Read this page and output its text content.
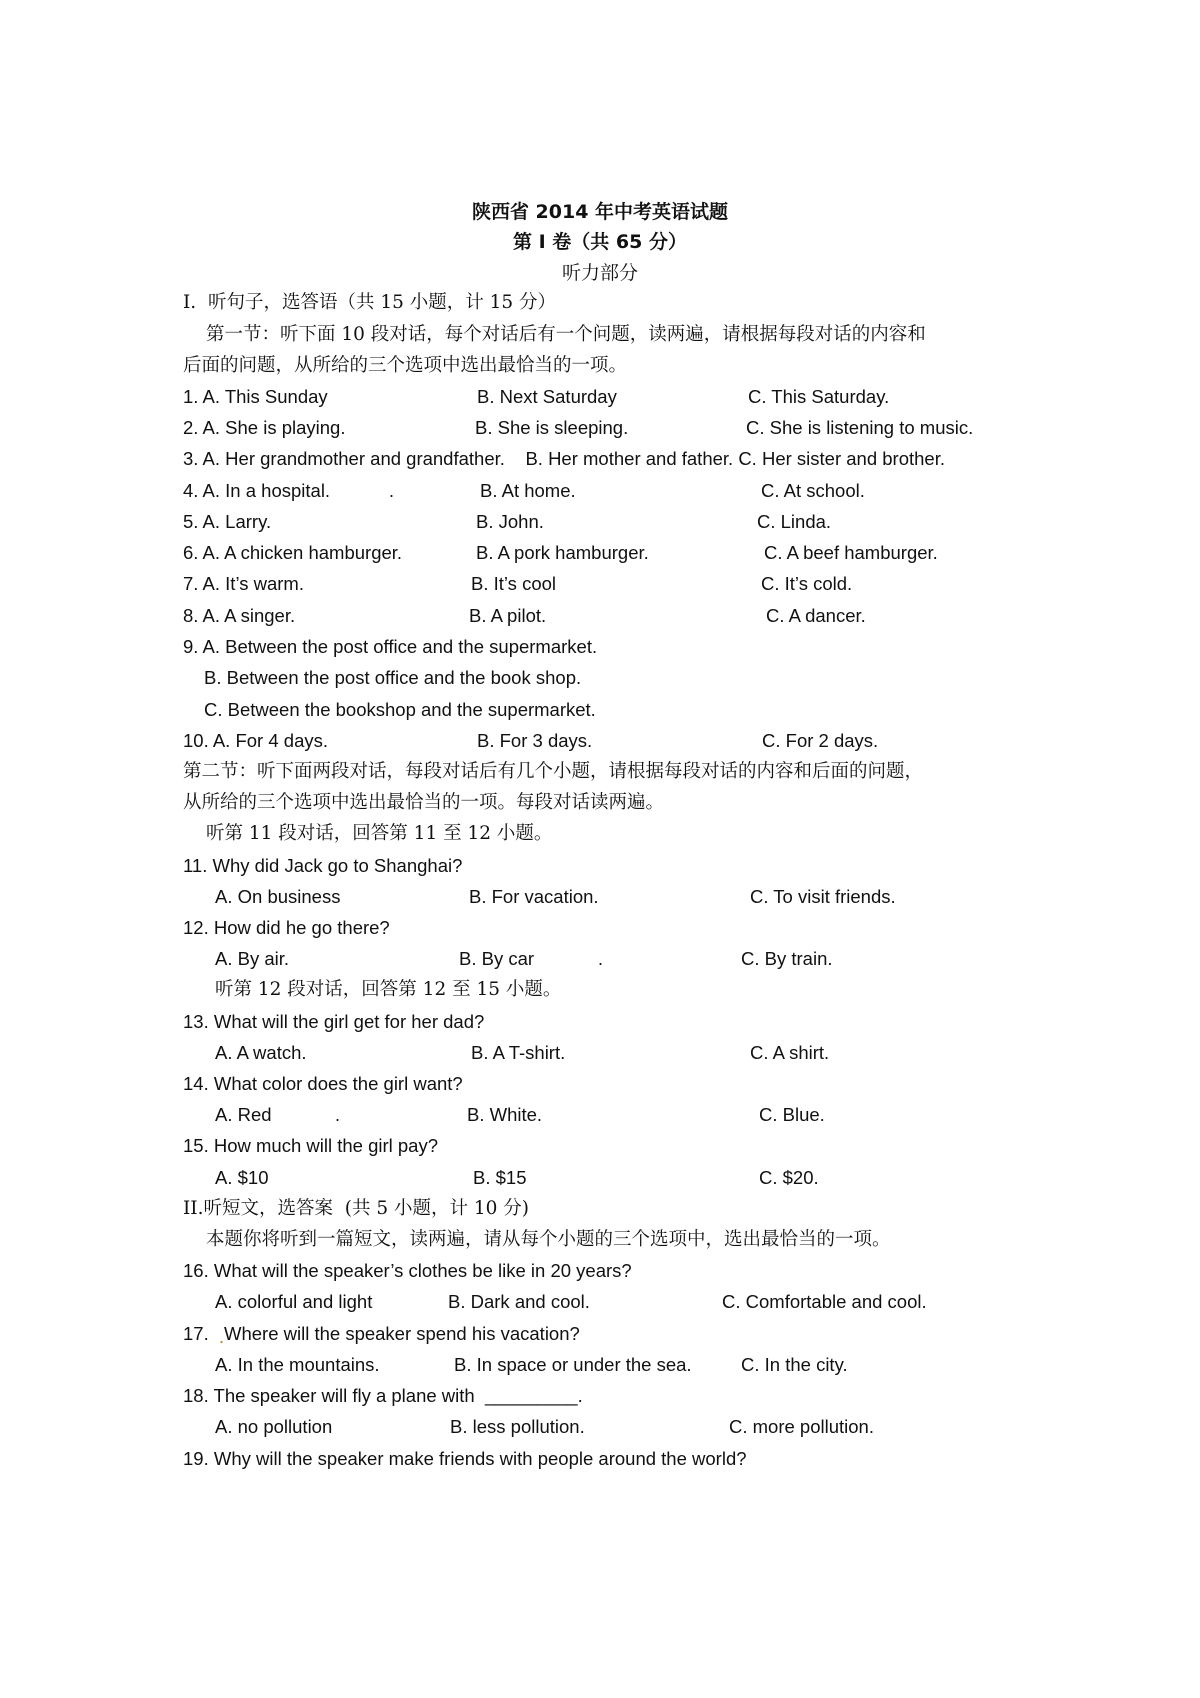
陕西省 2014 年中考英语试题
第 I 卷（共 65 分）
听力部分
I.  听句子，选答语（共 15 小题，计 15 分）
第一节：听下面 10 段对话，每个对话后有一个问题，读两遍，请根据每段对话的内容和
后面的问题，从所给的三个选项中选出最恰当的一项。
1. A. This Sunday	B. Next Saturday	C. This Saturday.
2. A. She is playing.	B. She is sleeping.	C. She is listening to music.
3. A. Her grandmother and grandfather.    B. Her mother and father. C. Her sister and brother.
4. A. In a hospital.	.	B. At home.	C. At school.
5. A. Larry.	B. John.	C. Linda.
6. A. A chicken hamburger.	B. A pork hamburger.	C. A beef hamburger.
7. A. It’s warm.	B. It’s cool	C. It’s cold.
8. A. A singer.	B. A pilot.	C. A dancer.
9. A. Between the post office and the supermarket.
B. Between the post office and the book shop.
C. Between the bookshop and the supermarket.
10. A. For 4 days.	B. For 3 days.	C. For 2 days.
第二节：听下面两段对话，每段对话后有几个小题，请根据每段对话的内容和后面的问题，
从所给的三个选项中选出最恰当的一项。每段对话读两遍。
听第 11 段对话，回答第 11 至 12 小题。
11. Why did Jack go to Shanghai?
A. On business	B. For vacation.	C. To visit friends.
12. How did he go there?
A. By air.	B. By car	.	C. By train.
听第 12 段对话，回答第 12 至 15 小题。
13. What will the girl get for her dad?
A. A watch.	B. A T-shirt.	C. A shirt.
14. What color does the girl want?
A. Red	.	B. White.	C. Blue.
15. How much will the girl pay?
A. $10	B. $15	C. $20.
II.听短文，选答案  (共 5 小题，计 10 分)
本题你将听到一篇短文，读两遍，请从每个小题的三个选项中，选出最恰当的一项。
16. What will the speaker’s clothes be like in 20 years?
A. colorful and light	B. Dark and cool.	C. Comfortable and cool.
17. . Where will the speaker spend his vacation?
A. In the mountains.	B. In space or under the sea.	C. In the city.
18. The speaker will fly a plane with  _________.
A. no pollution	B. less pollution.	C. more pollution.
19. Why will the speaker make friends with people around the world?
